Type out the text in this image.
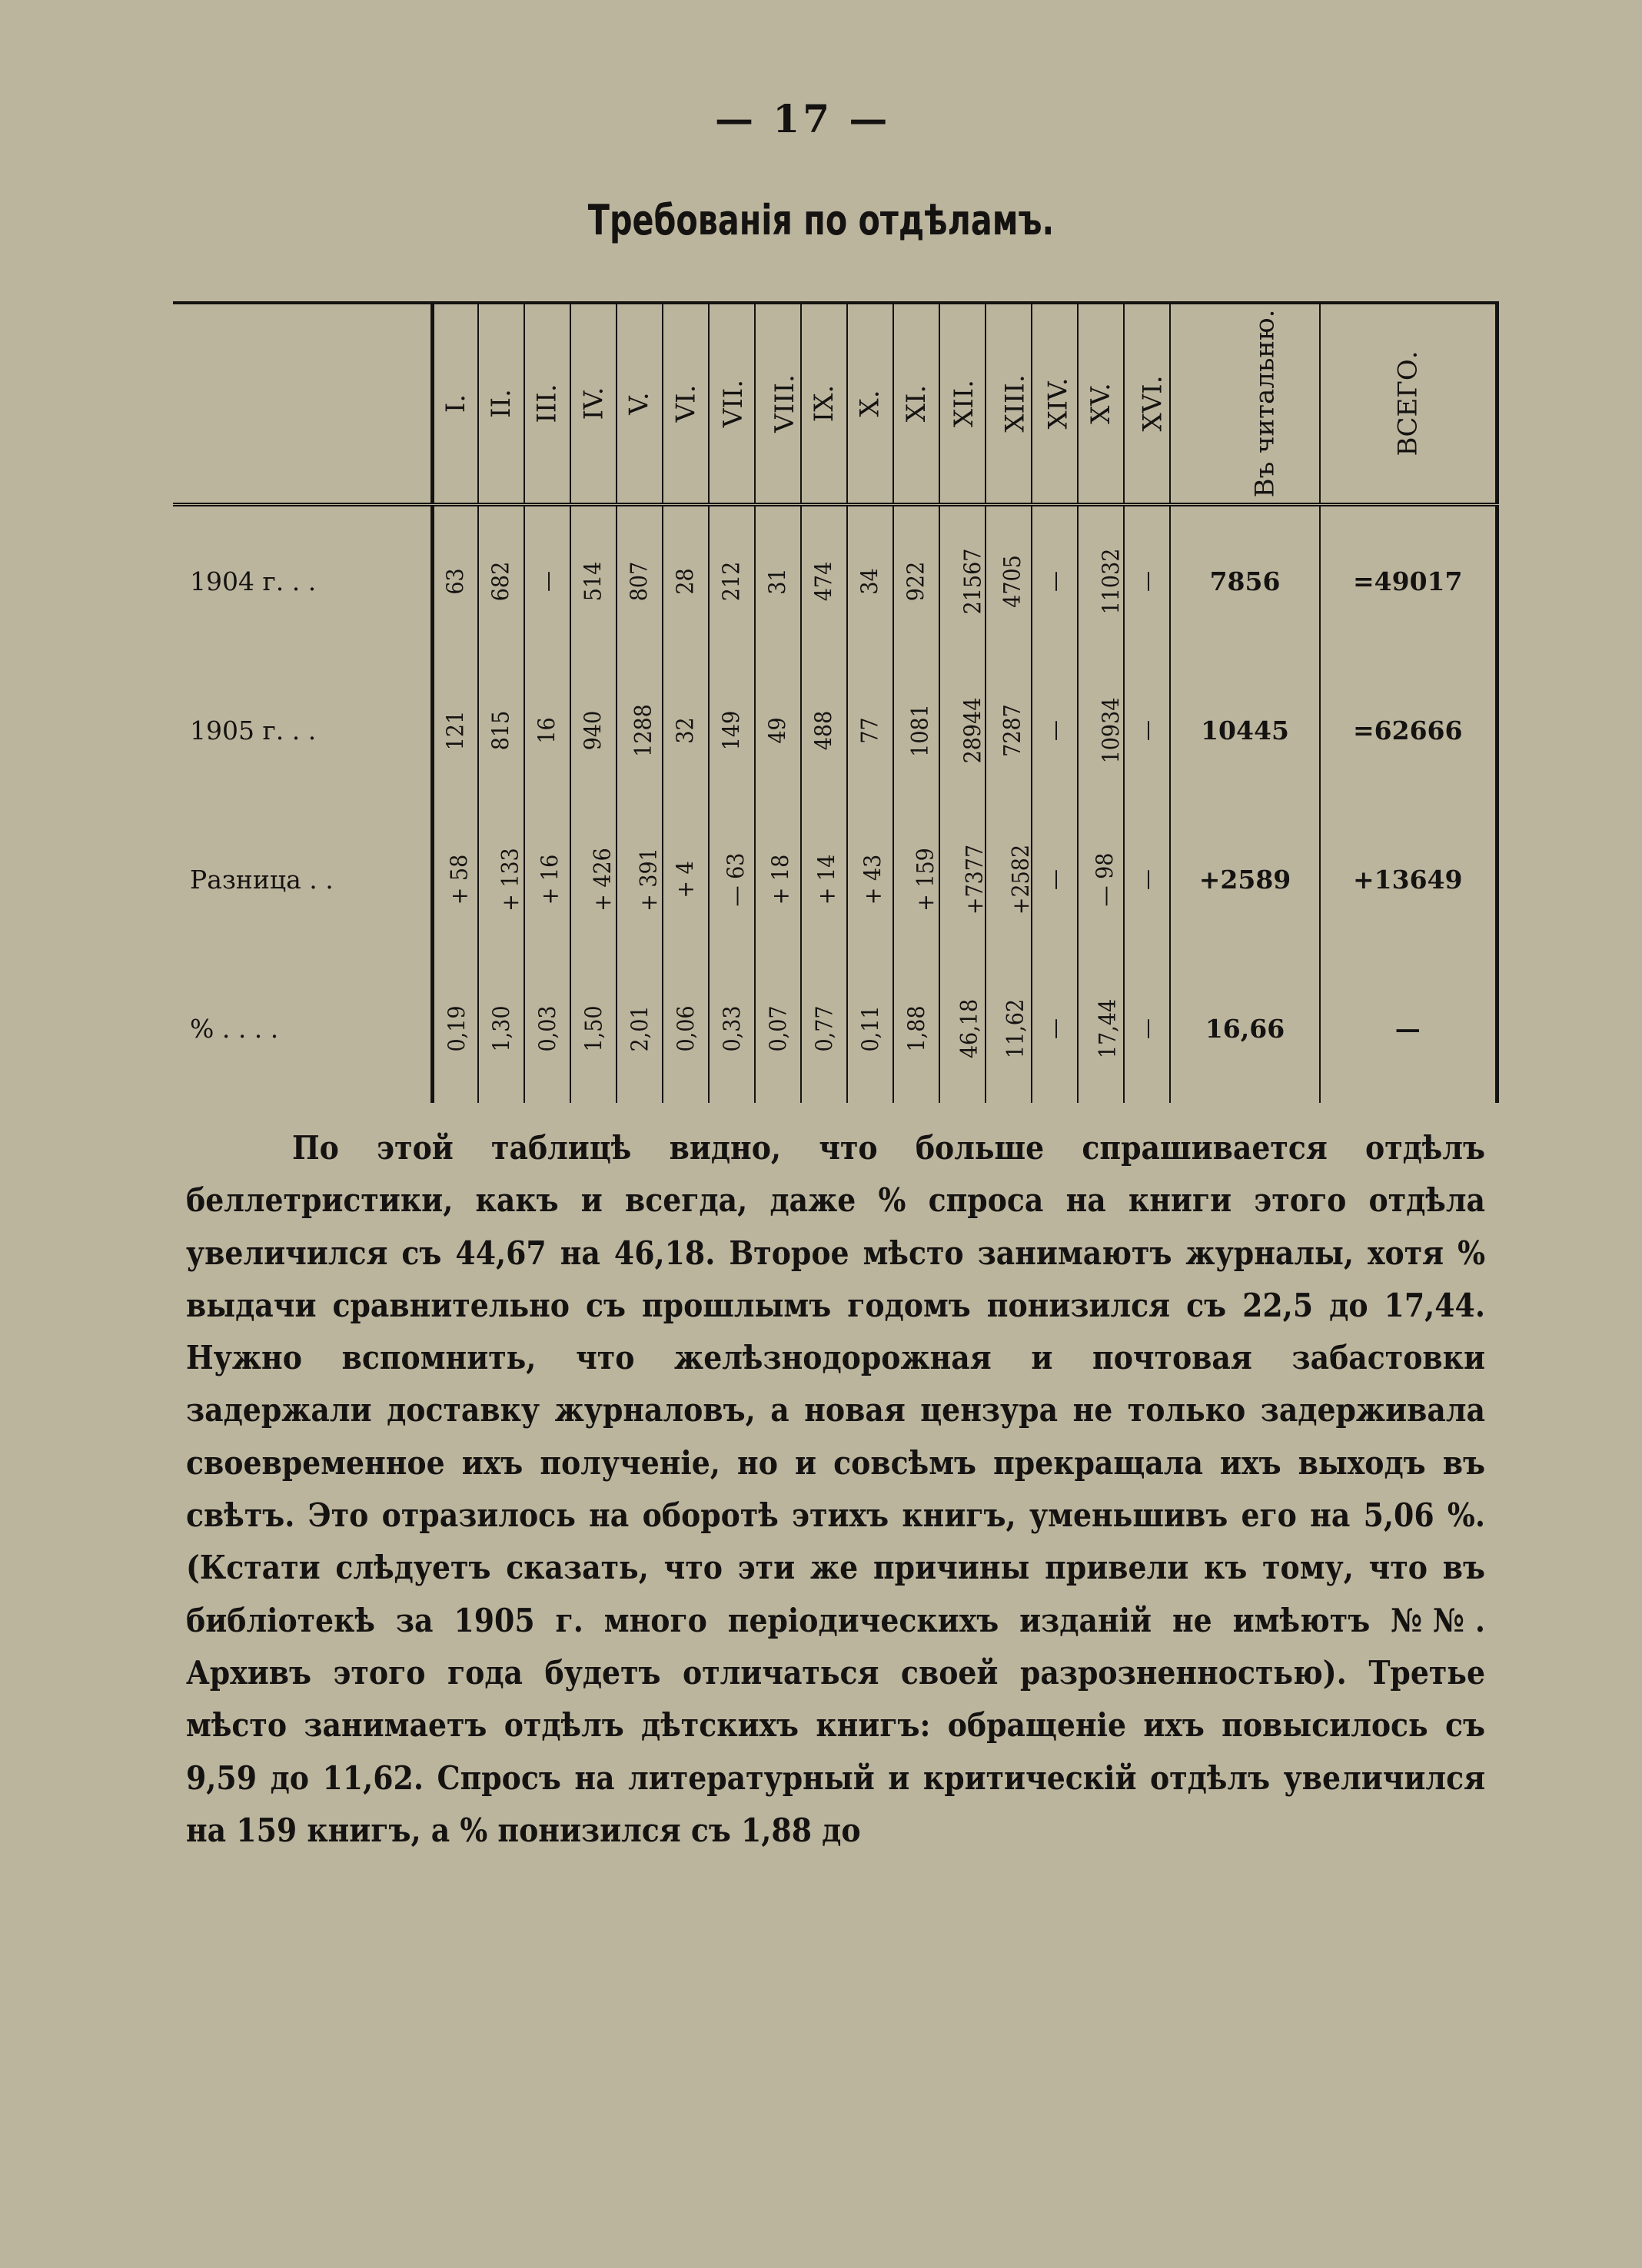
— 17 —
Требованія по отдѣламъ.
	I.	II.	III.	IV.	V.	VI.	VII.	VIII.	IX.	X.	XI.	XII.	XIII.	XIV.	XV.	XVI.	Въ читальню.	ВСЕГО.
1904 г. . .	63	682	—	514	807	28	212	31	474	34	922	21567	4705	—	11032	—	7856	=49017
1905 г. . .	121	815	16	940	1288	32	149	49	488	77	1081	28944	7287	—	10934	—	10445	=62666
Разница . .	+ 58	+ 133	+ 16	+ 426	+ 391	+ 4	— 63	+ 18	+ 14	+ 43	+ 159	+7377	+2582	—	— 98	—	+2589	+13649
% . . . .	0,19	1,30	0,03	1,50	2,01	0,06	0,33	0,07	0,77	0,11	1,88	46,18	11,62	—	17,44	—	16,66	—

По этой таблицѣ видно, что больше спрашивается отдѣлъ беллетристики, какъ и всегда, даже % спроса на книги этого отдѣла увеличился съ 44,67 на 46,18. Второе мѣсто занимаютъ журналы, хотя % выдачи сравнительно съ прошлымъ годомъ понизился съ 22,5 до 17,44. Нужно вспомнить, что желѣзнодорожная и почтовая забастовки задержали доставку журналовъ, а новая цензура не только задерживала своевременное ихъ полученіе, но и совсѣмъ прекращала ихъ выходъ въ свѣтъ. Это отразилось на оборотѣ этихъ книгъ, уменьшивъ его на 5,06 %. (Кстати слѣдуетъ сказать, что эти же причины привели къ тому, что въ библіотекѣ за 1905 г. много періодическихъ изданій не имѣютъ №№. Архивъ этого года будетъ отличаться своей разрозненностью). Третье мѣсто занимаетъ отдѣлъ дѣтскихъ книгъ: обращеніе ихъ повысилось съ 9,59 до 11,62. Спросъ на литературный и критическій отдѣлъ увеличился на 159 книгъ, а % понизился съ 1,88 до
